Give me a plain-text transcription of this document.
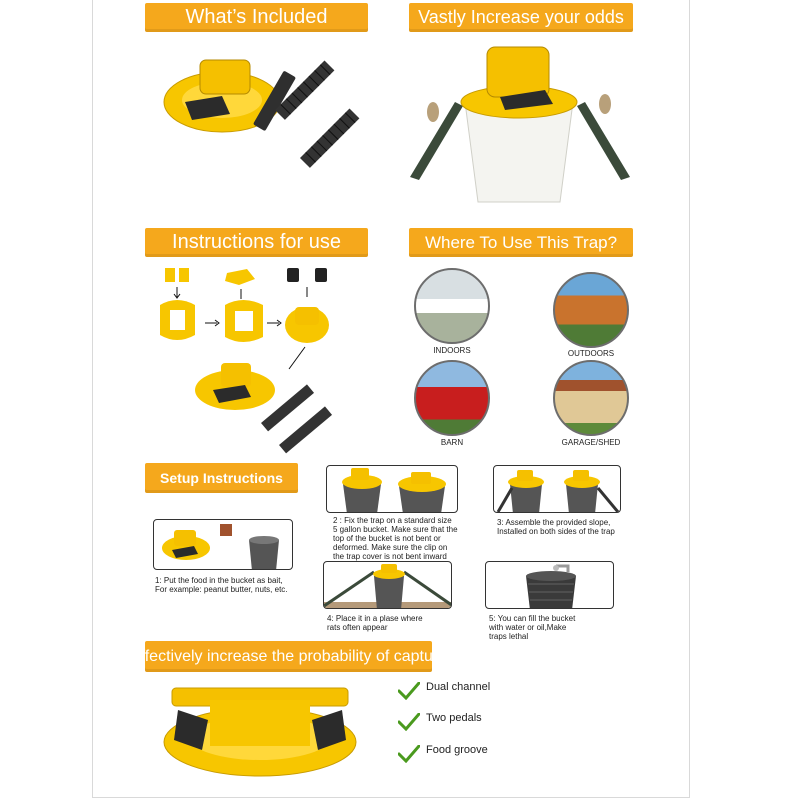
What’s Included	Vastly Increase your odds
Instructions for use	Where To Use This Trap?
Setup Instructions
Effectively increase the probability of capture
INDOORS	OUTDOORS
BARN	GARAGE/SHED
1: Put the food in the bucket as bait,
For example: peanut butter, nuts, etc.
2 : Fix the trap on a standard size
5 gallon bucket. Make sure that the
top of the bucket is not bent or
deformed. Make sure the clip on
the trap cover is not bent inward
3: Assemble the provided slope,
Installed on both sides of the trap
4: Place it in a plase where
rats often appear
5: You can fill the bucket
with water or oil,Make
traps lethal
Dual channel
Two pedals
Food groove
